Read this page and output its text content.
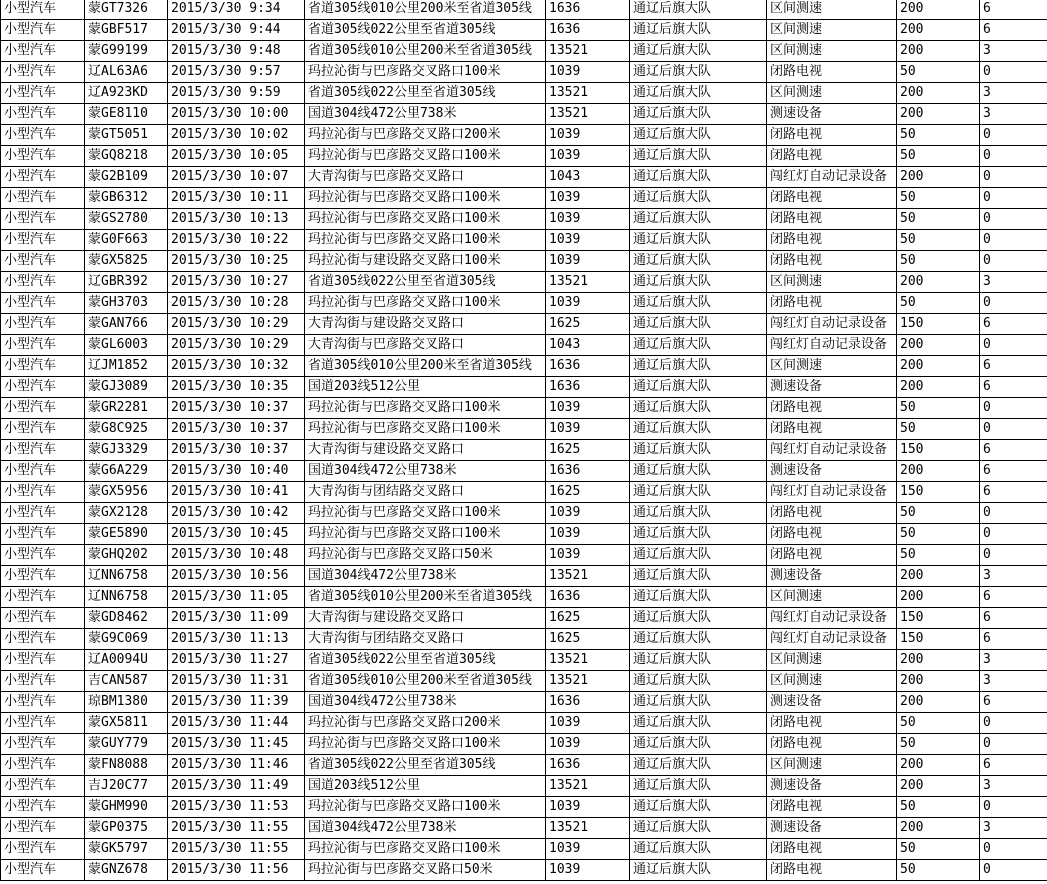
小型汽车	蒙GT7326	2015/3/30 9:34	省道305线010公里200米至省道305线	1636	通辽后旗大队	区间测速	200	6
小型汽车	蒙GBF517	2015/3/30 9:44	省道305线022公里至省道305线	1636	通辽后旗大队	区间测速	200	6
小型汽车	蒙G99199	2015/3/30 9:48	省道305线010公里200米至省道305线	13521	通辽后旗大队	区间测速	200	3
小型汽车	辽AL63A6	2015/3/30 9:57	玛拉沁街与巴彦路交叉路口100米	1039	通辽后旗大队	闭路电视	50	0
小型汽车	辽A923KD	2015/3/30 9:59	省道305线022公里至省道305线	13521	通辽后旗大队	区间测速	200	3
小型汽车	蒙GE8110	2015/3/30 10:00	国道304线472公里738米	13521	通辽后旗大队	测速设备	200	3
小型汽车	蒙GT5051	2015/3/30 10:02	玛拉沁街与巴彦路交叉路口200米	1039	通辽后旗大队	闭路电视	50	0
小型汽车	蒙GQ8218	2015/3/30 10:05	玛拉沁街与巴彦路交叉路口100米	1039	通辽后旗大队	闭路电视	50	0
小型汽车	蒙G2B109	2015/3/30 10:07	大青沟街与巴彦路交叉路口	1043	通辽后旗大队	闯红灯自动记录设备	200	0
小型汽车	蒙GB6312	2015/3/30 10:11	玛拉沁街与巴彦路交叉路口100米	1039	通辽后旗大队	闭路电视	50	0
小型汽车	蒙GS2780	2015/3/30 10:13	玛拉沁街与巴彦路交叉路口100米	1039	通辽后旗大队	闭路电视	50	0
小型汽车	蒙G0F663	2015/3/30 10:22	玛拉沁街与巴彦路交叉路口100米	1039	通辽后旗大队	闭路电视	50	0
小型汽车	蒙GX5825	2015/3/30 10:25	玛拉沁街与建设路交叉路口100米	1039	通辽后旗大队	闭路电视	50	0
小型汽车	辽GBR392	2015/3/30 10:27	省道305线022公里至省道305线	13521	通辽后旗大队	区间测速	200	3
小型汽车	蒙GH3703	2015/3/30 10:28	玛拉沁街与巴彦路交叉路口100米	1039	通辽后旗大队	闭路电视	50	0
小型汽车	蒙GAN766	2015/3/30 10:29	大青沟街与建设路交叉路口	1625	通辽后旗大队	闯红灯自动记录设备	150	6
小型汽车	蒙GL6003	2015/3/30 10:29	大青沟街与巴彦路交叉路口	1043	通辽后旗大队	闯红灯自动记录设备	200	0
小型汽车	辽JM1852	2015/3/30 10:32	省道305线010公里200米至省道305线	1636	通辽后旗大队	区间测速	200	6
小型汽车	蒙GJ3089	2015/3/30 10:35	国道203线512公里	1636	通辽后旗大队	测速设备	200	6
小型汽车	蒙GR2281	2015/3/30 10:37	玛拉沁街与巴彦路交叉路口100米	1039	通辽后旗大队	闭路电视	50	0
小型汽车	蒙G8C925	2015/3/30 10:37	玛拉沁街与巴彦路交叉路口100米	1039	通辽后旗大队	闭路电视	50	0
小型汽车	蒙GJ3329	2015/3/30 10:37	大青沟街与建设路交叉路口	1625	通辽后旗大队	闯红灯自动记录设备	150	6
小型汽车	蒙G6A229	2015/3/30 10:40	国道304线472公里738米	1636	通辽后旗大队	测速设备	200	6
小型汽车	蒙GX5956	2015/3/30 10:41	大青沟街与团结路交叉路口	1625	通辽后旗大队	闯红灯自动记录设备	150	6
小型汽车	蒙GX2128	2015/3/30 10:42	玛拉沁街与巴彦路交叉路口100米	1039	通辽后旗大队	闭路电视	50	0
小型汽车	蒙GE5890	2015/3/30 10:45	玛拉沁街与巴彦路交叉路口100米	1039	通辽后旗大队	闭路电视	50	0
小型汽车	蒙GHQ202	2015/3/30 10:48	玛拉沁街与巴彦路交叉路口50米	1039	通辽后旗大队	闭路电视	50	0
小型汽车	辽NN6758	2015/3/30 10:56	国道304线472公里738米	13521	通辽后旗大队	测速设备	200	3
小型汽车	辽NN6758	2015/3/30 11:05	省道305线010公里200米至省道305线	1636	通辽后旗大队	区间测速	200	6
小型汽车	蒙GD8462	2015/3/30 11:09	大青沟街与建设路交叉路口	1625	通辽后旗大队	闯红灯自动记录设备	150	6
小型汽车	蒙G9C069	2015/3/30 11:13	大青沟街与团结路交叉路口	1625	通辽后旗大队	闯红灯自动记录设备	150	6
小型汽车	辽A0094U	2015/3/30 11:27	省道305线022公里至省道305线	13521	通辽后旗大队	区间测速	200	3
小型汽车	吉CAN587	2015/3/30 11:31	省道305线010公里200米至省道305线	13521	通辽后旗大队	区间测速	200	3
小型汽车	琼BM1380	2015/3/30 11:39	国道304线472公里738米	1636	通辽后旗大队	测速设备	200	6
小型汽车	蒙GX5811	2015/3/30 11:44	玛拉沁街与巴彦路交叉路口200米	1039	通辽后旗大队	闭路电视	50	0
小型汽车	蒙GUY779	2015/3/30 11:45	玛拉沁街与巴彦路交叉路口100米	1039	通辽后旗大队	闭路电视	50	0
小型汽车	蒙FN8088	2015/3/30 11:46	省道305线022公里至省道305线	1636	通辽后旗大队	区间测速	200	6
小型汽车	吉J20C77	2015/3/30 11:49	国道203线512公里	13521	通辽后旗大队	测速设备	200	3
小型汽车	蒙GHM990	2015/3/30 11:53	玛拉沁街与巴彦路交叉路口100米	1039	通辽后旗大队	闭路电视	50	0
小型汽车	蒙GP0375	2015/3/30 11:55	国道304线472公里738米	13521	通辽后旗大队	测速设备	200	3
小型汽车	蒙GK5797	2015/3/30 11:55	玛拉沁街与巴彦路交叉路口100米	1039	通辽后旗大队	闭路电视	50	0
小型汽车	蒙GNZ678	2015/3/30 11:56	玛拉沁街与巴彦路交叉路口50米	1039	通辽后旗大队	闭路电视	50	0
